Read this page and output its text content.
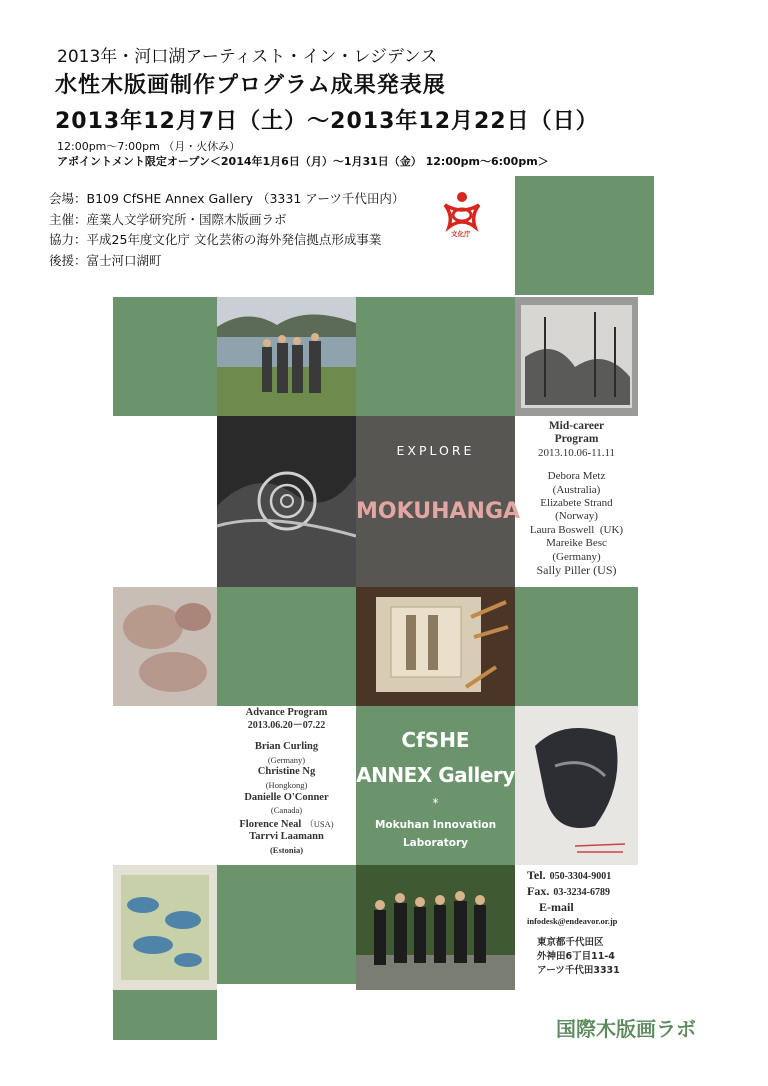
2013年・河口湖アーティスト・イン・レジデンス
水性木版画制作プログラム成果発表展
2013年12月7日（土）～2013年12月22日（日）
12:00pm～7:00pm （月・火休み）
アポイントメント限定オープン＜2014年1月6日（月）～1月31日（金） 12:00pm～6:00pm＞
会場：B109 CfSHE Annex Gallery （3331 アーツ千代田内）
主催：産業人文学研究所・国際木版画ラボ
協力：平成25年度文化庁 文化芸術の海外発信拠点形成事業
後援：富士河口湖町
文化庁
EXPLORE
MOKUHANGA
Mid-career
Program
2013.10.06-11.11
Debora Metz
(Australia)
Elizabete Strand
(Norway)
Laura Boswell (UK)
Mareike Besc
(Germany)
Sally Piller (US)
Advance Program
2013.06.20－07.22
Brian Curling
(Germany)
Christine Ng
(Hongkong)
Danielle O'Conner
(Canada)
Florence Neal （USA)
Tarrvi Laamann
(Estonia)
CfSHE
ANNEX Gallery
*
Mokuhan Innovation
Laboratory
Tel. 050-3304-9001
Fax. 03-3234-6789
E-mail
infodesk@endeavor.or.jp
東京都千代田区
外神田6丁目11-4
アーツ千代田3331
国際木版画ラボ
